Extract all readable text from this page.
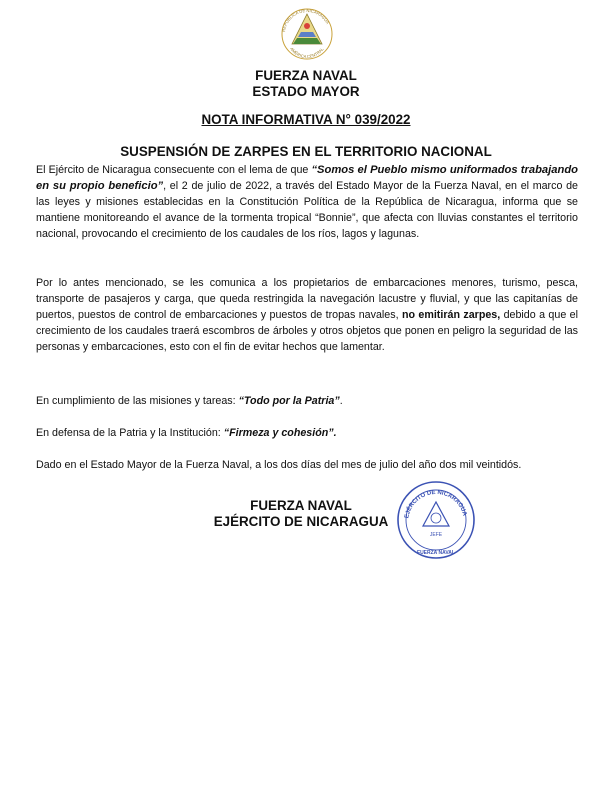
REPÚBLICA DE NICARAGUA
AMÉRICA CENTRAL
FUERZA NAVAL
ESTADO MAYOR
NOTA INFORMATIVA N° 039/2022
SUSPENSIÓN DE ZARPES EN EL TERRITORIO NACIONAL

El Ejército de Nicaragua consecuente con el lema de que “Somos el Pueblo mismo uniformados trabajando en su propio beneficio”, el 2 de julio de 2022, a través del Estado Mayor de la Fuerza Naval, en el marco de las leyes y misiones establecidas en la Constitución Política de la República de Nicaragua, informa que se mantiene monitoreando el avance de la tormenta tropical “Bonnie”, que afecta con lluvias constantes el territorio nacional, provocando el crecimiento de los caudales de los ríos, lagos y lagunas.

Por lo antes mencionado, se les comunica a los propietarios de embarcaciones menores, turismo, pesca, transporte de pasajeros y carga, que queda restringida la navegación lacustre y fluvial, y que las capitanías de puertos, puestos de control de embarcaciones y puestos de tropas navales, no emitirán zarpes, debido a que el crecimiento de los caudales traerá escombros de árboles y otros objetos que ponen en peligro la seguridad de las personas y embarcaciones, esto con el fin de evitar hechos que lamentar.

En cumplimiento de las misiones y tareas: “Todo por la Patria”.

En defensa de la Patria y la Institución: “Firmeza y cohesión”.

Dado en el Estado Mayor de la Fuerza Naval, a los dos días del mes de julio del año dos mil veintidós.

FUERZA NAVAL
EJÉRCITO DE NICARAGUA	EJÉRCITO DE NICARAGUA
JEFE
FUERZA NAVAL
